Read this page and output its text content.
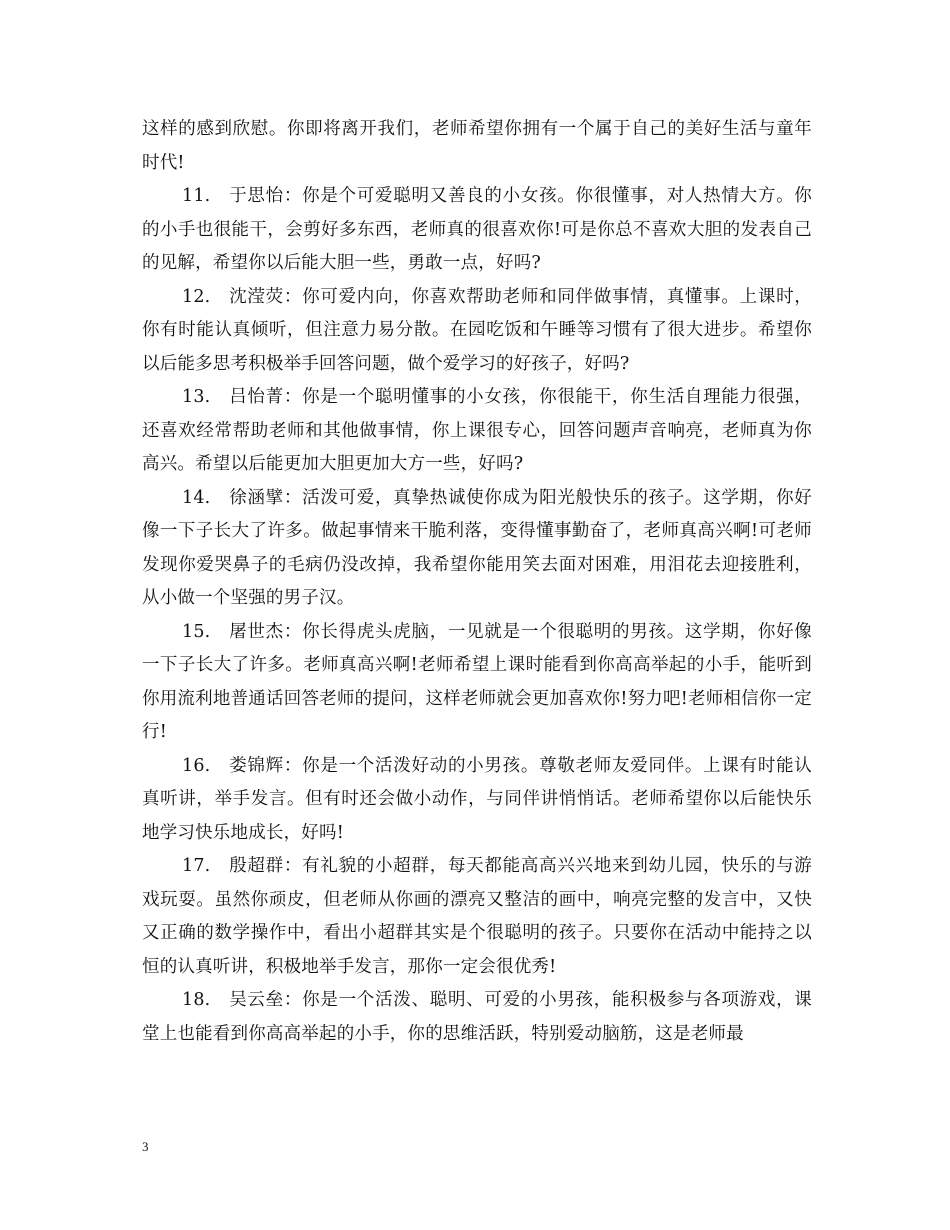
这样的感到欣慰。你即将离开我们，老师希望你拥有一个属于自己的美好生活与童年时代!

11.　于思怡：你是个可爱聪明又善良的小女孩。你很懂事，对人热情大方。你的小手也很能干，会剪好多东西，老师真的很喜欢你!可是你总不喜欢大胆的发表自己的见解，希望你以后能大胆一些，勇敢一点，好吗?

12.　沈滢荧：你可爱内向，你喜欢帮助老师和同伴做事情，真懂事。上课时，你有时能认真倾听，但注意力易分散。在园吃饭和午睡等习惯有了很大进步。希望你以后能多思考积极举手回答问题，做个爱学习的好孩子，好吗?

13.　吕怡菁：你是一个聪明懂事的小女孩，你很能干，你生活自理能力很强，还喜欢经常帮助老师和其他做事情，你上课很专心，回答问题声音响亮，老师真为你高兴。希望以后能更加大胆更加大方一些，好吗?

14.　徐涵擘：活泼可爱，真挚热诚使你成为阳光般快乐的孩子。这学期，你好像一下子长大了许多。做起事情来干脆利落，变得懂事勤奋了，老师真高兴啊!可老师发现你爱哭鼻子的毛病仍没改掉，我希望你能用笑去面对困难，用泪花去迎接胜利，从小做一个坚强的男子汉。

15.　屠世杰：你长得虎头虎脑，一见就是一个很聪明的男孩。这学期，你好像一下子长大了许多。老师真高兴啊!老师希望上课时能看到你高高举起的小手，能听到你用流利地普通话回答老师的提问，这样老师就会更加喜欢你!努力吧!老师相信你一定行!

16.　娄锦辉：你是一个活泼好动的小男孩。尊敬老师友爱同伴。上课有时能认真听讲，举手发言。但有时还会做小动作，与同伴讲悄悄话。老师希望你以后能快乐地学习快乐地成长，好吗!

17.　殷超群：有礼貌的小超群，每天都能高高兴兴地来到幼儿园，快乐的与游戏玩耍。虽然你顽皮，但老师从你画的漂亮又整洁的画中，响亮完整的发言中，又快又正确的数学操作中，看出小超群其实是个很聪明的孩子。只要你在活动中能持之以恒的认真听讲，积极地举手发言，那你一定会很优秀!

18.　吴云垒：你是一个活泼、聪明、可爱的小男孩，能积极参与各项游戏，课堂上也能看到你高高举起的小手，你的思维活跃，特别爱动脑筋，这是老师最

3
